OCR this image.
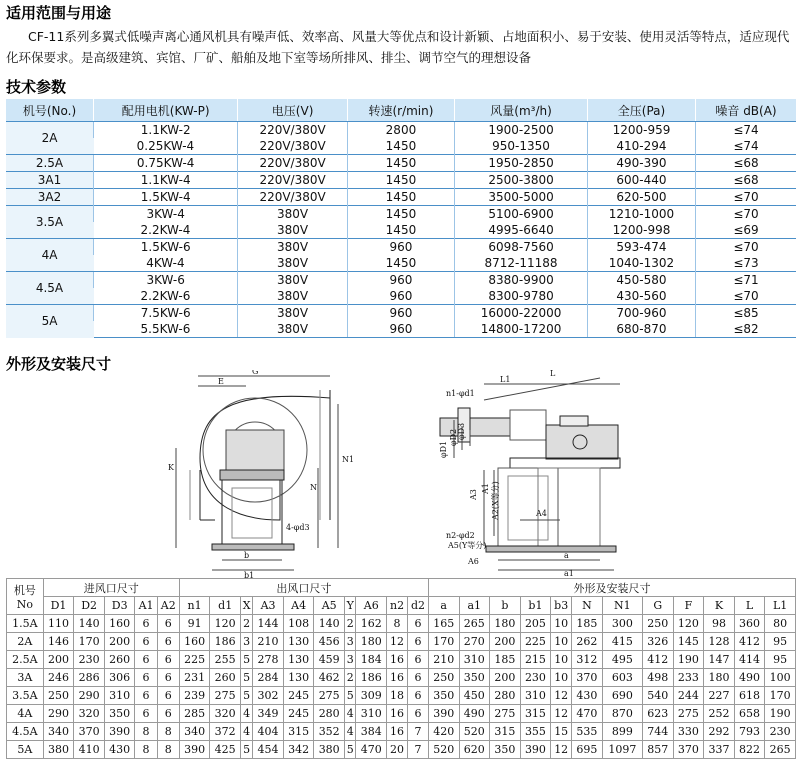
适用范围与用途

CF-11系列多翼式低噪声离心通风机具有噪声低、效率高、风量大等优点和设计新颖、占地面积小、易于安装、使用灵活等特点，适应现代化环保要求。是高级建筑、宾馆、厂矿、船舶及地下室等场所排风、排尘、调节空气的理想设备

技术参数
机号(No.)	配用电机(KW-P)	电压(V)	转速(r/min)	风量(m³/h)	全压(Pa)	噪音 dB(A)
2A	1.1KW-2	220V/380V	2800	1900-2500	1200-959	≤74
	0.25KW-4	220V/380V	1450	950-1350	410-294	≤74
2.5A	0.75KW-4	220V/380V	1450	1950-2850	490-390	≤68
3A1	1.1KW-4	220V/380V	1450	2500-3800	600-440	≤68
3A2	1.5KW-4	220V/380V	1450	3500-5000	620-500	≤70
3.5A	3KW-4	380V	1450	5100-6900	1210-1000	≤70
	2.2KW-4	380V	1450	4995-6640	1200-998	≤69
4A	1.5KW-6	380V	960	6098-7560	593-474	≤70
	4KW-4	380V	1450	8712-11188	1040-1302	≤73
4.5A	3KW-6	380V	960	8380-9900	450-580	≤71
	2.2KW-6	380V	960	8300-9780	430-560	≤70
5A	7.5KW-6	380V	960	16000-22000	700-960	≤85
	5.5KW-6	380V	960	14800-17200	680-870	≤82
外形及安装尺寸	G
E
b
b1
K
N
N1
4-φd3
L
L1
n1-φd1
φD1
φD2 φD3
A3
A1 A2(X等分)	A4
n2-φd2
A5(Y等分)
A6
a
a1
机号
No	进风口尺寸					出风口尺寸										外形及安装尺寸											
	D1	D2	D3	A1	A2	n1	d1	X	A3	A4	A5	Y	A6	n2	d2	a	a1	b	b1	b3	N	N1	G	F	K	L	L1
1.5A	110	140	160	6	6	91	120	2	144	108	140	2	162	8	6	165	265	180	205	10	185	300	250	120	98	360	80
2A	146	170	200	6	6	160	186	3	210	130	456	3	180	12	6	170	270	200	225	10	262	415	326	145	128	412	95
2.5A	200	230	260	6	6	225	255	5	278	130	459	3	184	16	6	210	310	185	215	10	312	495	412	190	147	414	95
3A	246	286	306	6	6	231	260	5	284	130	462	2	186	16	6	250	350	200	230	10	370	603	498	233	180	490	100
3.5A	250	290	310	6	6	239	275	5	302	245	275	5	309	18	6	350	450	280	310	12	430	690	540	244	227	618	170
4A	290	320	350	6	6	285	320	4	349	245	280	4	310	16	6	390	490	275	315	12	470	870	623	275	252	658	190
4.5A	340	370	390	8	8	340	372	4	404	315	352	4	384	16	7	420	520	315	355	15	535	899	744	330	292	793	230
5A	380	410	430	8	8	390	425	5	454	342	380	5	470	20	7	520	620	350	390	12	695	1097	857	370	337	822	265
